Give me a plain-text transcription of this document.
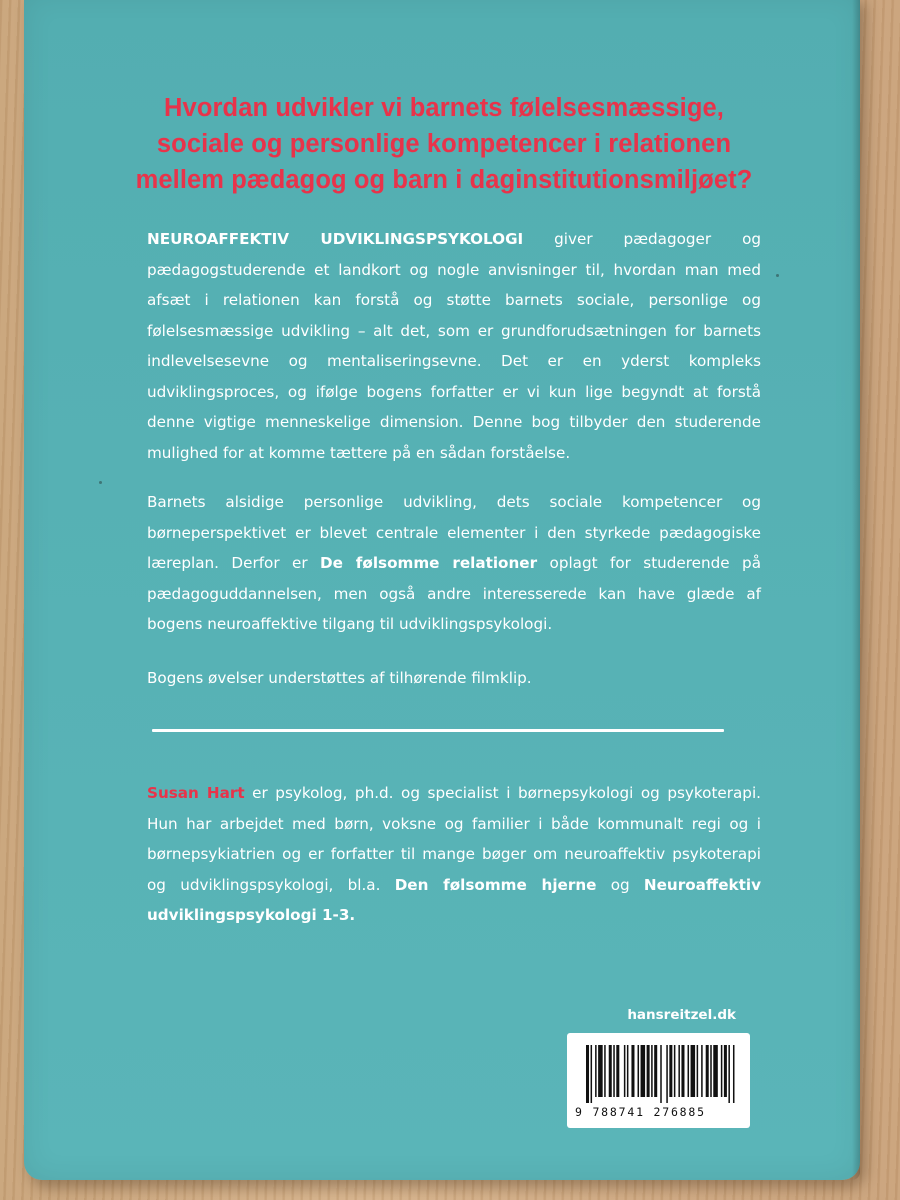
Hvordan udvikler vi barnets følelsesmæssige,
sociale og personlige kompetencer i relationen
mellem pædagog og barn i daginstitutionsmiljøet?

NEUROAFFEKTIV UDVIKLINGSPSYKOLOGI giver pædagoger og pædagogstuderende et landkort og nogle anvisninger til, hvordan man med afsæt i relationen kan forstå og støtte barnets sociale, personlige og følelsesmæssige udvikling – alt det, som er grundforudsætningen for barnets indlevelsesevne og mentaliseringsevne. Det er en yderst kompleks udviklingsproces, og ifølge bogens forfatter er vi kun lige begyndt at forstå denne vigtige menneskelige dimension. Denne bog tilbyder den studerende mulighed for at komme tættere på en sådan forståelse.

Barnets alsidige personlige udvikling, dets sociale kompetencer og børneperspektivet er blevet centrale elementer i den styrkede pædagogiske læreplan. Derfor er De følsomme relationer oplagt for studerende på pædagoguddannelsen, men også andre interesserede kan have glæde af bogens neuroaffektive tilgang til udviklingspsykologi.

Bogens øvelser understøttes af tilhørende filmklip.

Susan Hart er psykolog, ph.d. og specialist i børnepsykologi og psykoterapi. Hun har arbejdet med børn, voksne og familier i både kommunalt regi og i børnepsykiatrien og er forfatter til mange bøger om neuroaffektiv psykoterapi og udviklingspsykologi, bl.a. Den følsomme hjerne og Neuroaffektiv udviklingspsykologi 1-3.

hansreitzel.dk
9 788741 276885
